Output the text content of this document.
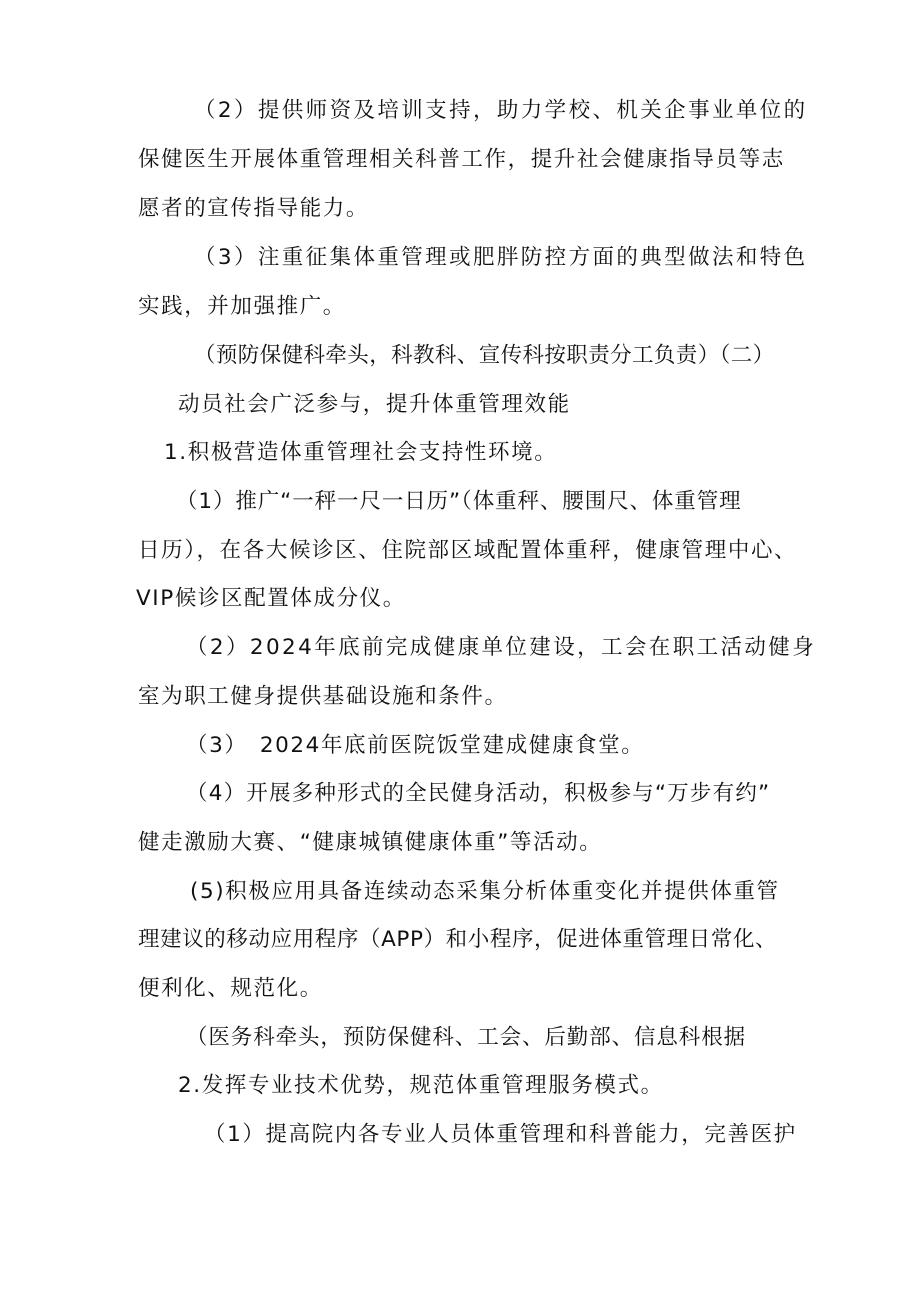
（2）提供师资及培训支持，助力学校、机关企事业单位的
保健医生开展体重管理相关科普工作，提升社会健康指导员等志
愿者的宣传指导能力。
（3）注重征集体重管理或肥胖防控方面的典型做法和特色
实践，并加强推广。
（预防保健科牵头，科教科、宣传科按职责分工负责）（二）
动员社会广泛参与，提升体重管理效能
1.积极营造体重管理社会支持性环境。
（1）推广“一秤一尺一日历”（体重秤、腰围尺、体重管理
日历），在各大候诊区、住院部区域配置体重秤，健康管理中心、
VIP候诊区配置体成分仪。
（2）2024年底前完成健康单位建设，工会在职工活动健身
室为职工健身提供基础设施和条件。
（3）　2024年底前医院饭堂建成健康食堂。
（4）开展多种形式的全民健身活动，积极参与“万步有约”
健走激励大赛、“健康城镇健康体重”等活动。
(5)积极应用具备连续动态采集分析体重变化并提供体重管
理建议的移动应用程序（APP）和小程序，促进体重管理日常化、
便利化、规范化。
（医务科牵头，预防保健科、工会、后勤部、信息科根据
2.发挥专业技术优势，规范体重管理服务模式。
（1）提高院内各专业人员体重管理和科普能力，完善医护
